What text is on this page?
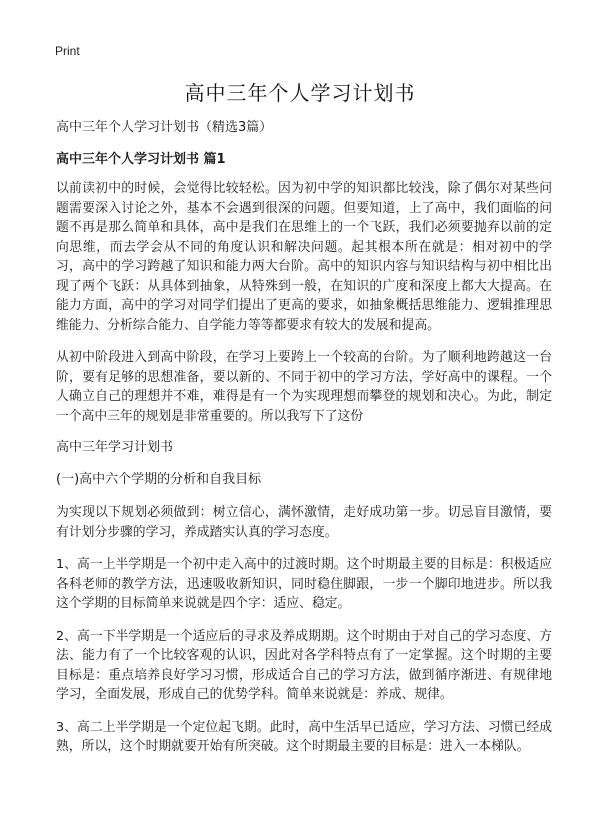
Print
高中三年个人学习计划书
高中三年个人学习计划书（精选3篇）
高中三年个人学习计划书 篇1

以前读初中的时候，会觉得比较轻松。因为初中学的知识都比较浅，除了偶尔对某些问题需要深入讨论之外，基本不会遇到很深的问题。但要知道，上了高中，我们面临的问题不再是那么简单和具体，高中是我们在思维上的一个飞跃，我们必须要抛弃以前的定向思维，而去学会从不同的角度认识和解决问题。起其根本所在就是：相对初中的学习，高中的学习跨越了知识和能力两大台阶。高中的知识内容与知识结构与初中相比出现了两个飞跃：从具体到抽象，从特殊到一般，在知识的广度和深度上都大大提高。在能力方面，高中的学习对同学们提出了更高的要求，如抽象概括思维能力、逻辑推理思维能力、分析综合能力、自学能力等等都要求有较大的发展和提高。

从初中阶段进入到高中阶段，在学习上要跨上一个较高的台阶。为了顺利地跨越这一台阶，要有足够的思想准备，要以新的、不同于初中的学习方法，学好高中的课程。一个人确立自己的理想并不难，难得是有一个为实现理想而攀登的规划和决心。为此，制定一个高中三年的规划是非常重要的。所以我写下了这份

高中三年学习计划书
(一)高中六个学期的分析和自我目标

为实现以下规划必须做到：树立信心，满怀激情，走好成功第一步。切忌盲目激情，要有计划分步骤的学习，养成踏实认真的学习态度。

1、高一上半学期是一个初中走入高中的过渡时期。这个时期最主要的目标是：积极适应各科老师的教学方法，迅速吸收新知识，同时稳住脚跟，一步一个脚印地进步。所以我这个学期的目标简单来说就是四个字：适应、稳定。

2、高一下半学期是一个适应后的寻求及养成期期。这个时期由于对自己的学习态度、方法、能力有了一个比较客观的认识，因此对各学科特点有了一定掌握。这个时期的主要目标是：重点培养良好学习习惯，形成适合自己的学习方法，做到循序渐进、有规律地学习，全面发展，形成自己的优势学科。简单来说就是：养成、规律。

3、高二上半学期是一个定位起飞期。此时，高中生活早已适应，学习方法、习惯已经成熟，所以，这个时期就要开始有所突破。这个时期最主要的目标是：进入一本梯队。
